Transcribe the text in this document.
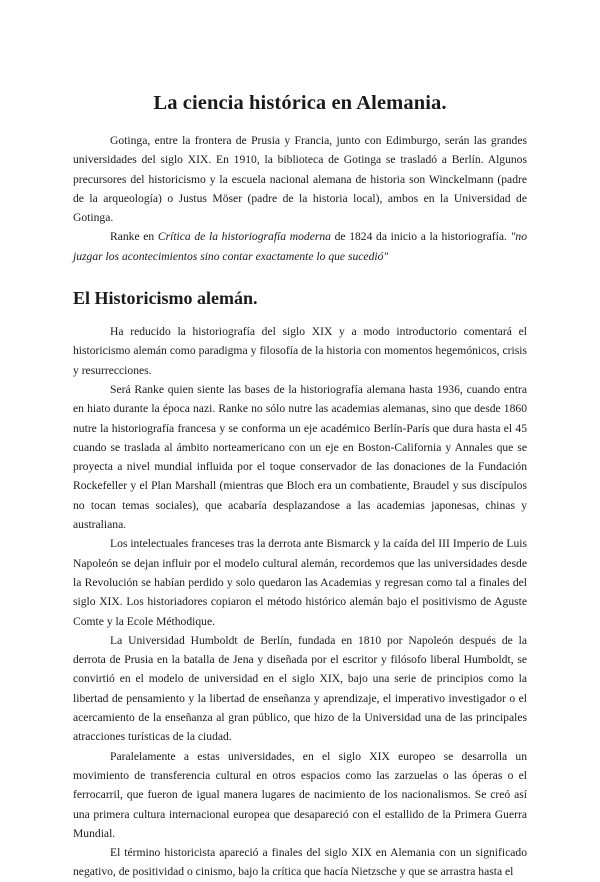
La ciencia histórica en Alemania.

Gotinga, entre la frontera de Prusia y Francia, junto con Edimburgo, serán las grandes universidades del siglo XIX. En 1910, la biblioteca de Gotinga se trasladó a Berlín. Algunos precursores del historicismo y la escuela nacional alemana de historia son Winckelmann (padre de la arqueología) o Justus Möser (padre de la historia local), ambos en la Universidad de Gotinga.

Ranke en Crítica de la historiografía moderna de 1824 da inicio a la historiografía. "no juzgar los acontecimientos sino contar exactamente lo que sucedió"

El Historicismo alemán.

Ha reducido la historiografía del siglo XIX y a modo introductorio comentará el historicismo alemán como paradigma y filosofía de la historia con momentos hegemónicos, crisis y resurrecciones.

Será Ranke quien siente las bases de la historiografía alemana hasta 1936, cuando entra en hiato durante la época nazi. Ranke no sólo nutre las academias alemanas, sino que desde 1860 nutre la historiografía francesa y se conforma un eje académico Berlín-París que dura hasta el 45 cuando se traslada al ámbito norteamericano con un eje en Boston-California y Annales que se proyecta a nivel mundial influida por el toque conservador de las donaciones de la Fundación Rockefeller y el Plan Marshall (mientras que Bloch era un combatiente, Braudel y sus discípulos no tocan temas sociales), que acabaría desplazandose a las academias japonesas, chinas y australiana.

Los intelectuales franceses tras la derrota ante Bismarck y la caída del III Imperio de Luis Napoleón se dejan influir por el modelo cultural alemán, recordemos que las universidades desde la Revolución se habían perdido y solo quedaron las Academias y regresan como tal a finales del siglo XIX. Los historiadores copiaron el método histórico alemán bajo el positivismo de Aguste Comte y la Ecole Méthodique.

La Universidad Humboldt de Berlín, fundada en 1810 por Napoleón después de la derrota de Prusia en la batalla de Jena y diseñada por el escritor y filósofo liberal Humboldt, se convirtió en el modelo de universidad en el siglo XIX, bajo una serie de principios como la libertad de pensamiento y la libertad de enseñanza y aprendizaje, el imperativo investigador o el acercamiento de la enseñanza al gran público, que hizo de la Universidad una de las principales atracciones turísticas de la ciudad.

Paralelamente a estas universidades, en el siglo XIX europeo se desarrolla un movimiento de transferencia cultural en otros espacios como las zarzuelas o las óperas o el ferrocarril, que fueron de igual manera lugares de nacimiento de los nacionalismos. Se creó así una primera cultura internacional europea que desapareció con el estallido de la Primera Guerra Mundial.

El término historicista apareció a finales del siglo XIX en Alemania con un significado negativo, de positividad o cinismo, bajo la crítica que hacía Nietzsche y que se arrastra hasta el
